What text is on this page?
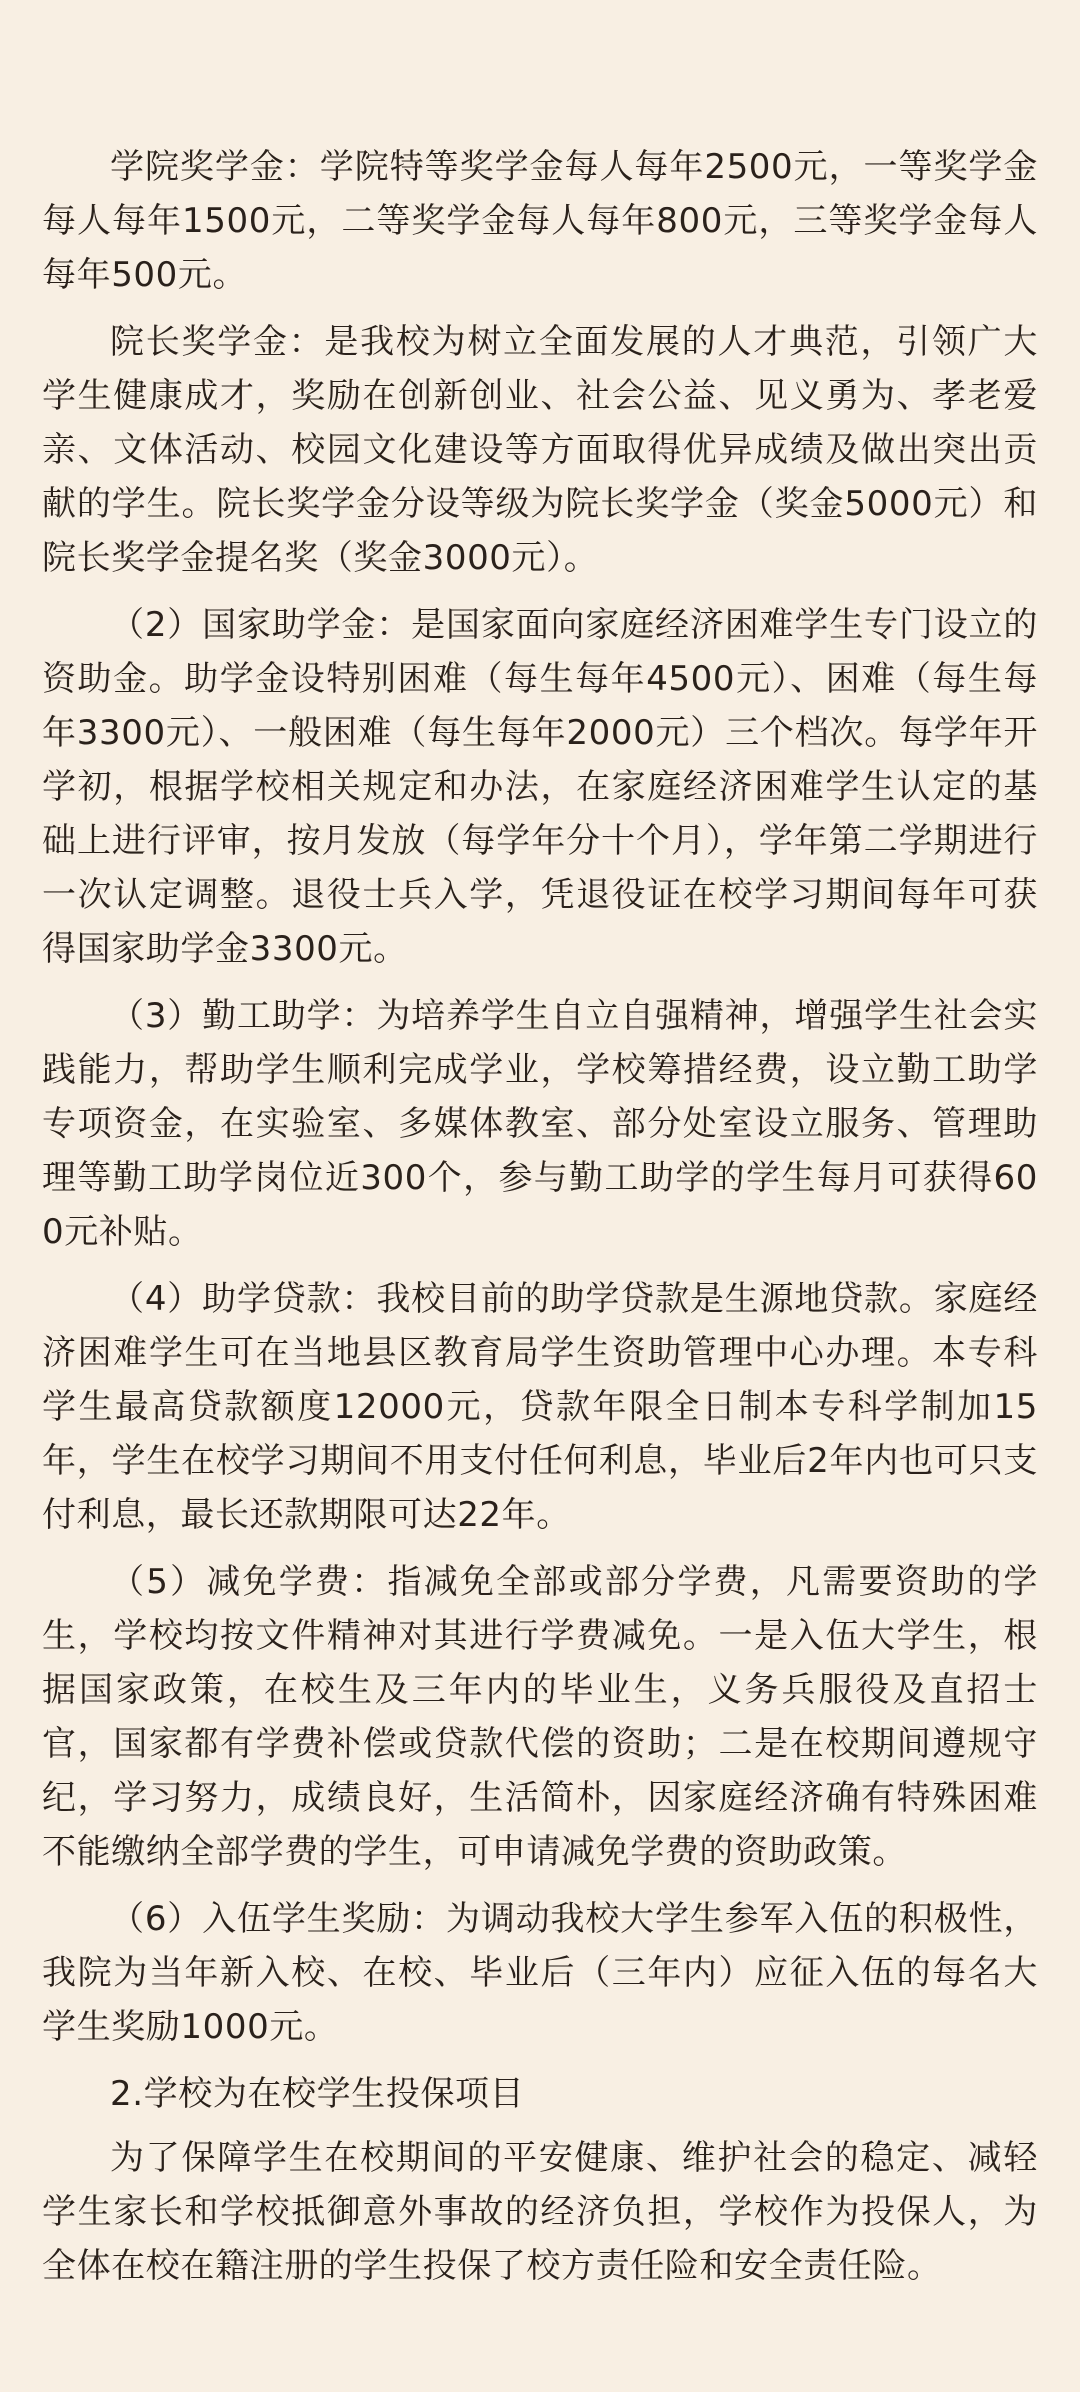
学院奖学金：学院特等奖学金每人每年2500元，一等奖学金每人每年1500元，二等奖学金每人每年800元，三等奖学金每人每年500元。

院长奖学金：是我校为树立全面发展的人才典范，引领广大学生健康成才，奖励在创新创业、社会公益、见义勇为、孝老爱亲、文体活动、校园文化建设等方面取得优异成绩及做出突出贡献的学生。院长奖学金分设等级为院长奖学金（奖金5000元）和院长奖学金提名奖（奖金3000元）。

（2）国家助学金：是国家面向家庭经济困难学生专门设立的资助金。助学金设特别困难（每生每年4500元）、困难（每生每年3300元）、一般困难（每生每年2000元）三个档次。每学年开学初，根据学校相关规定和办法，在家庭经济困难学生认定的基础上进行评审，按月发放（每学年分十个月），学年第二学期进行一次认定调整。退役士兵入学，凭退役证在校学习期间每年可获得国家助学金3300元。

（3）勤工助学：为培养学生自立自强精神，增强学生社会实践能力，帮助学生顺利完成学业，学校筹措经费，设立勤工助学专项资金，在实验室、多媒体教室、部分处室设立服务、管理助理等勤工助学岗位近300个，参与勤工助学的学生每月可获得600元补贴。

（4）助学贷款：我校目前的助学贷款是生源地贷款。家庭经济困难学生可在当地县区教育局学生资助管理中心办理。本专科学生最高贷款额度12000元，贷款年限全日制本专科学制加15年，学生在校学习期间不用支付任何利息，毕业后2年内也可只支付利息，最长还款期限可达22年。

（5）减免学费：指减免全部或部分学费，凡需要资助的学生，学校均按文件精神对其进行学费减免。一是入伍大学生，根据国家政策，在校生及三年内的毕业生，义务兵服役及直招士官，国家都有学费补偿或贷款代偿的资助；二是在校期间遵规守纪，学习努力，成绩良好，生活简朴，因家庭经济确有特殊困难不能缴纳全部学费的学生，可申请减免学费的资助政策。

（6）入伍学生奖励：为调动我校大学生参军入伍的积极性，我院为当年新入校、在校、毕业后（三年内）应征入伍的每名大学生奖励1000元。

2.学校为在校学生投保项目

为了保障学生在校期间的平安健康、维护社会的稳定、减轻学生家长和学校抵御意外事故的经济负担，学校作为投保人，为全体在校在籍注册的学生投保了校方责任险和安全责任险。
